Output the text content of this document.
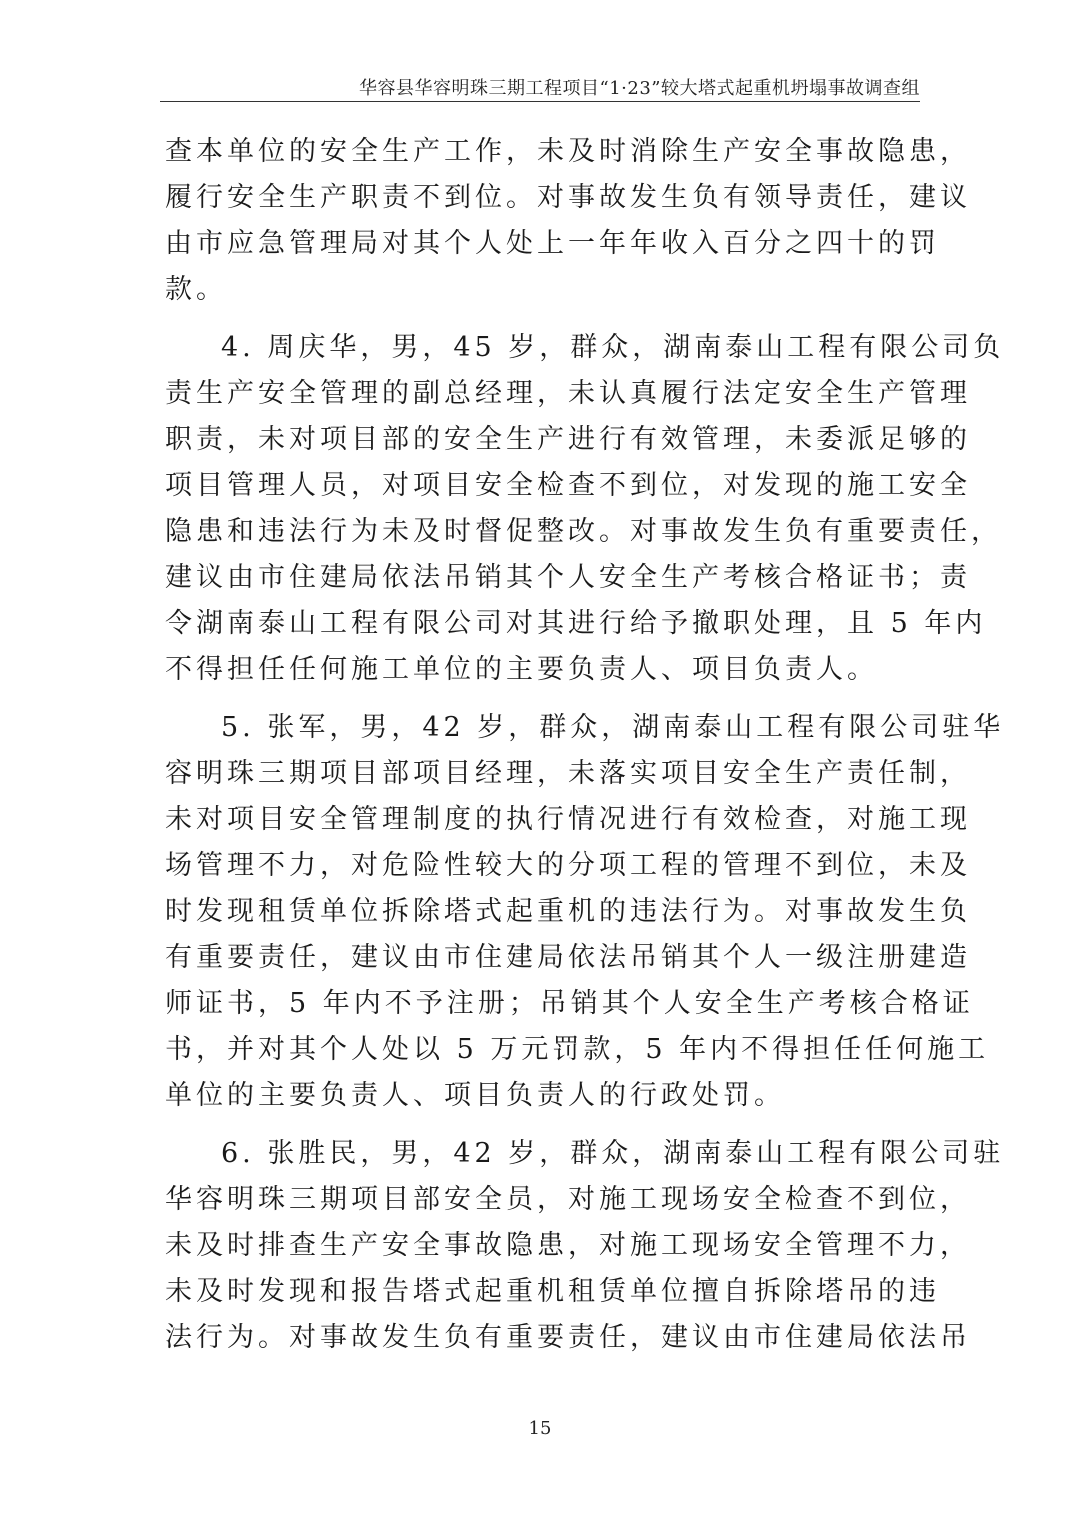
华容县华容明珠三期工程项目“1·23”较大塔式起重机坍塌事故调查组
查本单位的安全生产工作，未及时消除生产安全事故隐患，
履行安全生产职责不到位。对事故发生负有领导责任，建议
由市应急管理局对其个人处上一年年收入百分之四十的罚
款。
4. 周庆华，男，45 岁，群众，湖南泰山工程有限公司负
责生产安全管理的副总经理，未认真履行法定安全生产管理
职责，未对项目部的安全生产进行有效管理，未委派足够的
项目管理人员，对项目安全检查不到位，对发现的施工安全
隐患和违法行为未及时督促整改。对事故发生负有重要责任，
建议由市住建局依法吊销其个人安全生产考核合格证书；责
令湖南泰山工程有限公司对其进行给予撤职处理，且 5 年内
不得担任任何施工单位的主要负责人、项目负责人。
5. 张军，男，42 岁，群众，湖南泰山工程有限公司驻华
容明珠三期项目部项目经理，未落实项目安全生产责任制，
未对项目安全管理制度的执行情况进行有效检查，对施工现
场管理不力，对危险性较大的分项工程的管理不到位，未及
时发现租赁单位拆除塔式起重机的违法行为。对事故发生负
有重要责任，建议由市住建局依法吊销其个人一级注册建造
师证书，5 年内不予注册；吊销其个人安全生产考核合格证
书，并对其个人处以 5 万元罚款，5 年内不得担任任何施工
单位的主要负责人、项目负责人的行政处罚。
6. 张胜民，男，42 岁，群众，湖南泰山工程有限公司驻
华容明珠三期项目部安全员，对施工现场安全检查不到位，
未及时排查生产安全事故隐患，对施工现场安全管理不力，
未及时发现和报告塔式起重机租赁单位擅自拆除塔吊的违
法行为。对事故发生负有重要责任，建议由市住建局依法吊
15
